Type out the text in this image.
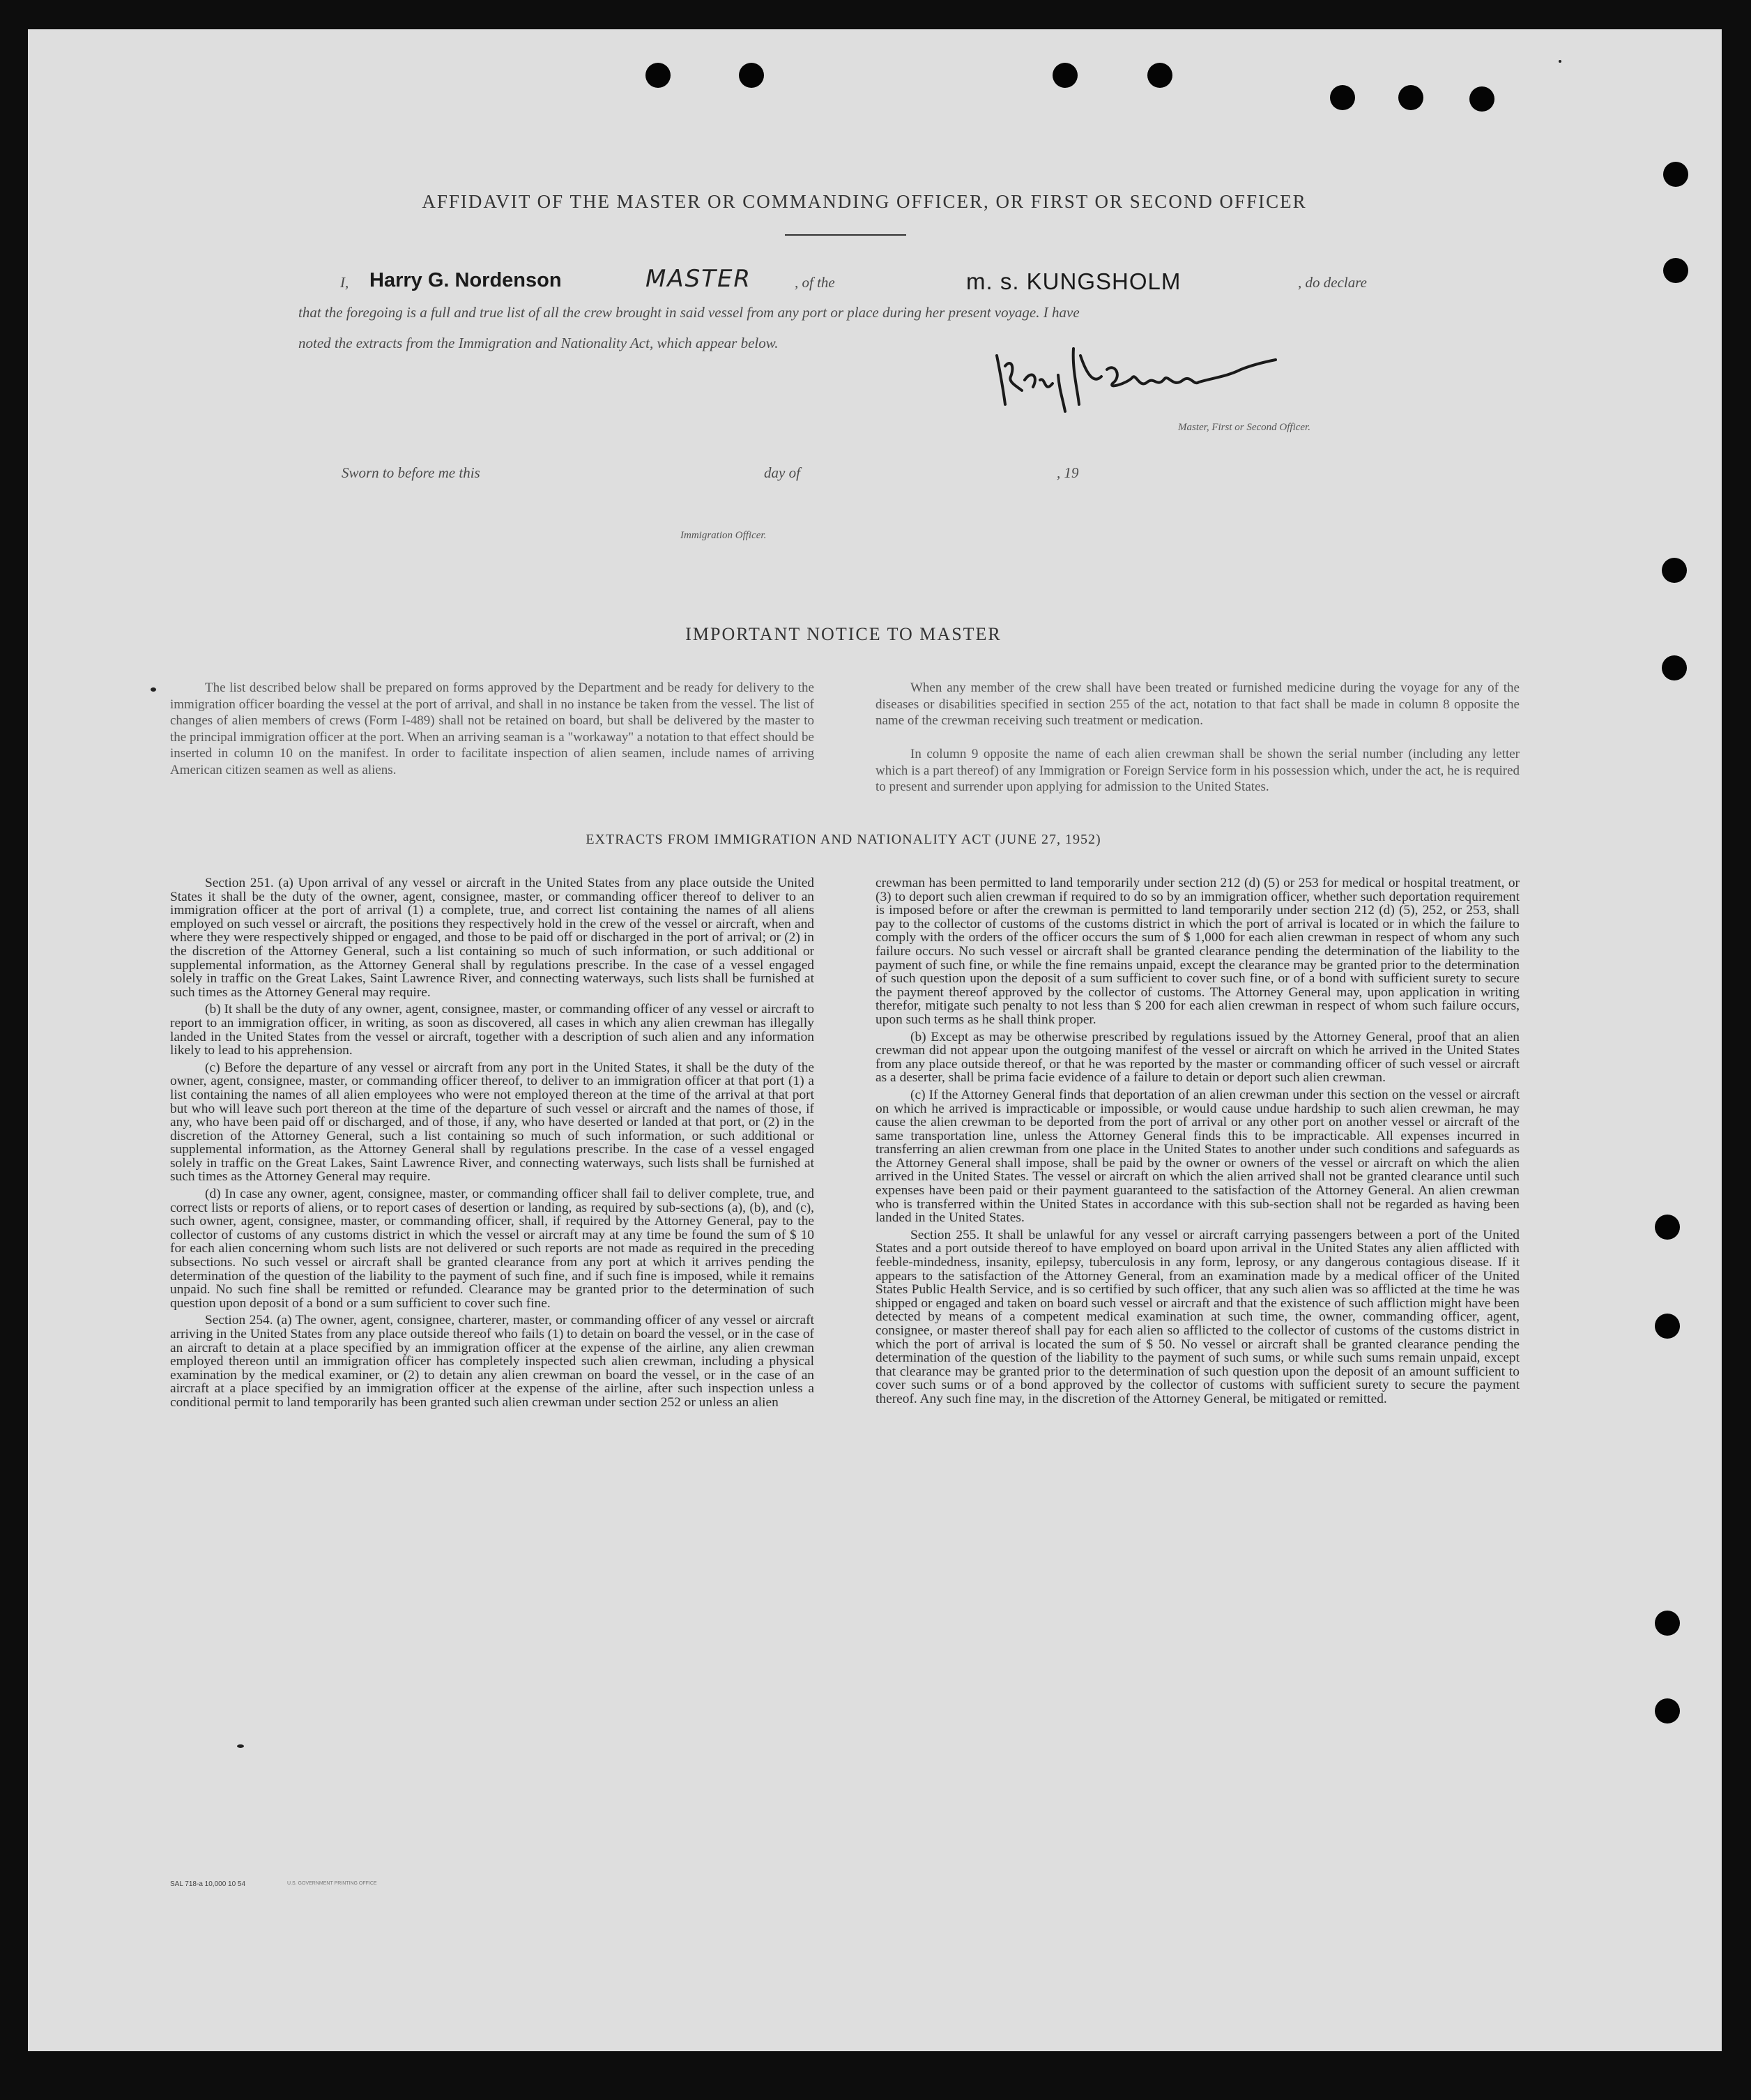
AFFIDAVIT OF THE MASTER OR COMMANDING OFFICER, OR FIRST OR SECOND OFFICER
I, Harry G. Nordenson	MASTER	, of the	m. s. KUNGSHOLM	, do declare
that the foregoing is a full and true list of all the crew brought in said vessel from any port or place during her present voyage. I have
noted the extracts from the Immigration and Nationality Act, which appear below.
Master, First or Second Officer.
Sworn to before me this	day of	, 19
Immigration Officer.
IMPORTANT NOTICE TO MASTER

The list described below shall be prepared on forms approved by the Department and be ready for delivery to the immigration officer boarding the vessel at the port of arrival, and shall in no instance be taken from the vessel. The list of changes of alien members of crews (Form I-489) shall not be retained on board, but shall be delivered by the master to the principal immigration officer at the port. When an arriving seaman is a "workaway" a notation to that effect should be inserted in column 10 on the manifest. In order to facilitate inspection of alien seamen, include names of arriving American citizen seamen as well as aliens.

When any member of the crew shall have been treated or furnished medicine during the voyage for any of the diseases or disabilities specified in section 255 of the act, notation to that fact shall be made in column 8 opposite the name of the crewman receiving such treatment or medication.

In column 9 opposite the name of each alien crewman shall be shown the serial number (including any letter which is a part thereof) of any Immigration or Foreign Service form in his possession which, under the act, he is required to present and surrender upon applying for admission to the United States.

EXTRACTS FROM IMMIGRATION AND NATIONALITY ACT (JUNE 27, 1952)

Section 251. (a) Upon arrival of any vessel or aircraft in the United States from any place outside the United States it shall be the duty of the owner, agent, consignee, master, or commanding officer thereof to deliver to an immigration officer at the port of arrival (1) a complete, true, and correct list containing the names of all aliens employed on such vessel or aircraft, the positions they respectively hold in the crew of the vessel or aircraft, when and where they were respectively shipped or engaged, and those to be paid off or discharged in the port of arrival; or (2) in the discretion of the Attorney General, such a list containing so much of such information, or such additional or supplemental information, as the Attorney General shall by regulations prescribe. In the case of a vessel engaged solely in traffic on the Great Lakes, Saint Lawrence River, and connecting waterways, such lists shall be furnished at such times as the Attorney General may require.

(b) It shall be the duty of any owner, agent, consignee, master, or commanding officer of any vessel or aircraft to report to an immigration officer, in writing, as soon as discovered, all cases in which any alien crewman has illegally landed in the United States from the vessel or aircraft, together with a description of such alien and any information likely to lead to his apprehension.

(c) Before the departure of any vessel or aircraft from any port in the United States, it shall be the duty of the owner, agent, consignee, master, or commanding officer thereof, to deliver to an immigration officer at that port (1) a list containing the names of all alien employees who were not employed thereon at the time of the arrival at that port but who will leave such port thereon at the time of the departure of such vessel or aircraft and the names of those, if any, who have been paid off or discharged, and of those, if any, who have deserted or landed at that port, or (2) in the discretion of the Attorney General, such a list containing so much of such information, or such additional or supplemental information, as the Attorney General shall by regulations prescribe. In the case of a vessel engaged solely in traffic on the Great Lakes, Saint Lawrence River, and connecting waterways, such lists shall be furnished at such times as the Attorney General may require.

(d) In case any owner, agent, consignee, master, or commanding officer shall fail to deliver complete, true, and correct lists or reports of aliens, or to report cases of desertion or landing, as required by sub-sections (a), (b), and (c), such owner, agent, consignee, master, or commanding officer, shall, if required by the Attorney General, pay to the collector of customs of any customs district in which the vessel or aircraft may at any time be found the sum of $ 10 for each alien concerning whom such lists are not delivered or such reports are not made as required in the preceding subsections. No such vessel or aircraft shall be granted clearance from any port at which it arrives pending the determination of the question of the liability to the payment of such fine, and if such fine is imposed, while it remains unpaid. No such fine shall be remitted or refunded. Clearance may be granted prior to the determination of such question upon deposit of a bond or a sum sufficient to cover such fine.

Section 254. (a) The owner, agent, consignee, charterer, master, or commanding officer of any vessel or aircraft arriving in the United States from any place outside thereof who fails (1) to detain on board the vessel, or in the case of an aircraft to detain at a place specified by an immigration officer at the expense of the airline, any alien crewman employed thereon until an immigration officer has completely inspected such alien crewman, including a physical examination by the medical examiner, or (2) to detain any alien crewman on board the vessel, or in the case of an aircraft at a place specified by an immigration officer at the expense of the airline, after such inspection unless a conditional permit to land temporarily has been granted such alien crewman under section 252 or unless an alien

crewman has been permitted to land temporarily under section 212 (d) (5) or 253 for medical or hospital treatment, or (3) to deport such alien crewman if required to do so by an immigration officer, whether such deportation requirement is imposed before or after the crewman is permitted to land temporarily under section 212 (d) (5), 252, or 253, shall pay to the collector of customs of the customs district in which the port of arrival is located or in which the failure to comply with the orders of the officer occurs the sum of $ 1,000 for each alien crewman in respect of whom any such failure occurs. No such vessel or aircraft shall be granted clearance pending the determination of the liability to the payment of such fine, or while the fine remains unpaid, except the clearance may be granted prior to the determination of such question upon the deposit of a sum sufficient to cover such fine, or of a bond with sufficient surety to secure the payment thereof approved by the collector of customs. The Attorney General may, upon application in writing therefor, mitigate such penalty to not less than $ 200 for each alien crewman in respect of whom such failure occurs, upon such terms as he shall think proper.

(b) Except as may be otherwise prescribed by regulations issued by the Attorney General, proof that an alien crewman did not appear upon the outgoing manifest of the vessel or aircraft on which he arrived in the United States from any place outside thereof, or that he was reported by the master or commanding officer of such vessel or aircraft as a deserter, shall be prima facie evidence of a failure to detain or deport such alien crewman.

(c) If the Attorney General finds that deportation of an alien crewman under this section on the vessel or aircraft on which he arrived is impracticable or impossible, or would cause undue hardship to such alien crewman, he may cause the alien crewman to be deported from the port of arrival or any other port on another vessel or aircraft of the same transportation line, unless the Attorney General finds this to be impracticable. All expenses incurred in transferring an alien crewman from one place in the United States to another under such conditions and safeguards as the Attorney General shall impose, shall be paid by the owner or owners of the vessel or aircraft on which the alien arrived in the United States. The vessel or aircraft on which the alien arrived shall not be granted clearance until such expenses have been paid or their payment guaranteed to the satisfaction of the Attorney General. An alien crewman who is transferred within the United States in accordance with this sub-section shall not be regarded as having been landed in the United States.

Section 255. It shall be unlawful for any vessel or aircraft carrying passengers between a port of the United States and a port outside thereof to have employed on board upon arrival in the United States any alien afflicted with feeble-mindedness, insanity, epilepsy, tuberculosis in any form, leprosy, or any dangerous contagious disease. If it appears to the satisfaction of the Attorney General, from an examination made by a medical officer of the United States Public Health Service, and is so certified by such officer, that any such alien was so afflicted at the time he was shipped or engaged and taken on board such vessel or aircraft and that the existence of such affliction might have been detected by means of a competent medical examination at such time, the owner, commanding officer, agent, consignee, or master thereof shall pay for each alien so afflicted to the collector of customs of the customs district in which the port of arrival is located the sum of $ 50. No vessel or aircraft shall be granted clearance pending the determination of the question of the liability to the payment of such sums, or while such sums remain unpaid, except that clearance may be granted prior to the determination of such question upon the deposit of an amount sufficient to cover such sums or of a bond approved by the collector of customs with sufficient surety to secure the payment thereof. Any such fine may, in the discretion of the Attorney General, be mitigated or remitted.

SAL 718-a 10,000 10 54	U.S. GOVERNMENT PRINTING OFFICE
